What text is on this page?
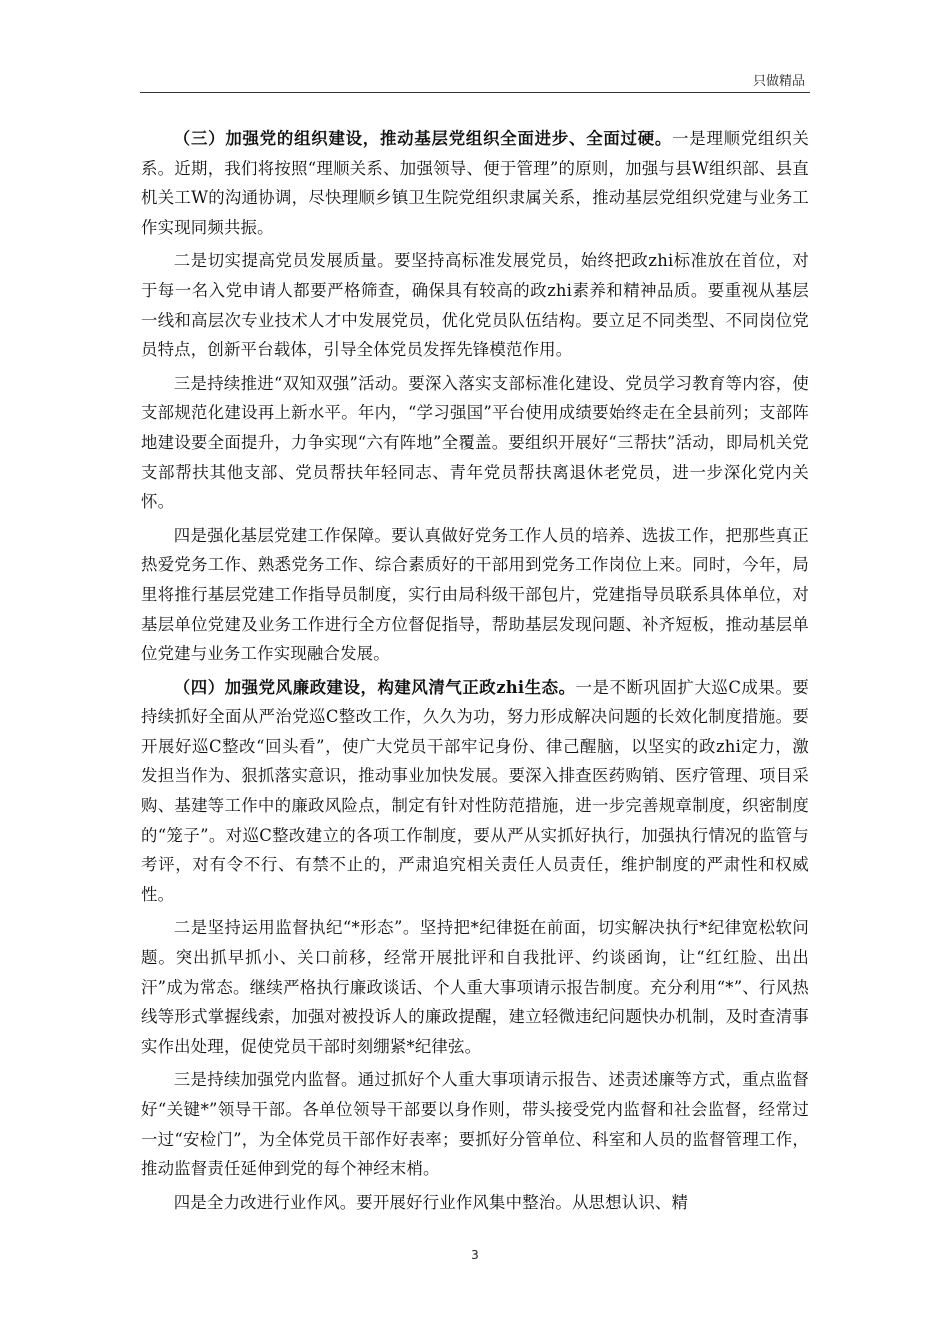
只做精品

（三）加强党的组织建设，推动基层党组织全面进步、全面过硬。一是理顺党组织关系。近期，我们将按照“理顺关系、加强领导、便于管理”的原则，加强与县W组织部、县直机关工W的沟通协调，尽快理顺乡镇卫生院党组织隶属关系，推动基层党组织党建与业务工作实现同频共振。

二是切实提高党员发展质量。要坚持高标准发展党员，始终把政zhi标准放在首位，对于每一名入党申请人都要严格筛查，确保具有较高的政zhi素养和精神品质。要重视从基层一线和高层次专业技术人才中发展党员，优化党员队伍结构。要立足不同类型、不同岗位党员特点，创新平台载体，引导全体党员发挥先锋模范作用。

三是持续推进“双知双强”活动。要深入落实支部标准化建设、党员学习教育等内容，使支部规范化建设再上新水平。年内，“学习强国”平台使用成绩要始终走在全县前列；支部阵地建设要全面提升，力争实现“六有阵地”全覆盖。要组织开展好“三帮扶”活动，即局机关党支部帮扶其他支部、党员帮扶年轻同志、青年党员帮扶离退休老党员，进一步深化党内关怀。

四是强化基层党建工作保障。要认真做好党务工作人员的培养、选拔工作，把那些真正热爱党务工作、熟悉党务工作、综合素质好的干部用到党务工作岗位上来。同时，今年，局里将推行基层党建工作指导员制度，实行由局科级干部包片，党建指导员联系具体单位，对基层单位党建及业务工作进行全方位督促指导，帮助基层发现问题、补齐短板，推动基层单位党建与业务工作实现融合发展。

（四）加强党风廉政建设，构建风清气正政zhi生态。一是不断巩固扩大巡C成果。要持续抓好全面从严治党巡C整改工作，久久为功，努力形成解决问题的长效化制度措施。要开展好巡C整改“回头看”，使广大党员干部牢记身份、律己醒脑，以坚实的政zhi定力，激发担当作为、狠抓落实意识，推动事业加快发展。要深入排查医药购销、医疗管理、项目采购、基建等工作中的廉政风险点，制定有针对性防范措施，进一步完善规章制度，织密制度的“笼子”。对巡C整改建立的各项工作制度，要从严从实抓好执行，加强执行情况的监管与考评，对有令不行、有禁不止的，严肃追究相关责任人员责任，维护制度的严肃性和权威性。

二是坚持运用监督执纪“*形态”。坚持把*纪律挺在前面，切实解决执行*纪律宽松软问题。突出抓早抓小、关口前移，经常开展批评和自我批评、约谈函询，让“红红脸、出出汗”成为常态。继续严格执行廉政谈话、个人重大事项请示报告制度。充分利用“*”、行风热线等形式掌握线索，加强对被投诉人的廉政提醒，建立轻微违纪问题快办机制，及时查清事实作出处理，促使党员干部时刻绷紧*纪律弦。

三是持续加强党内监督。通过抓好个人重大事项请示报告、述责述廉等方式，重点监督好“关键*”领导干部。各单位领导干部要以身作则，带头接受党内监督和社会监督，经常过一过“安检门”，为全体党员干部作好表率；要抓好分管单位、科室和人员的监督管理工作，推动监督责任延伸到党的每个神经末梢。

四是全力改进行业作风。要开展好行业作风集中整治。从思想认识、精

3
